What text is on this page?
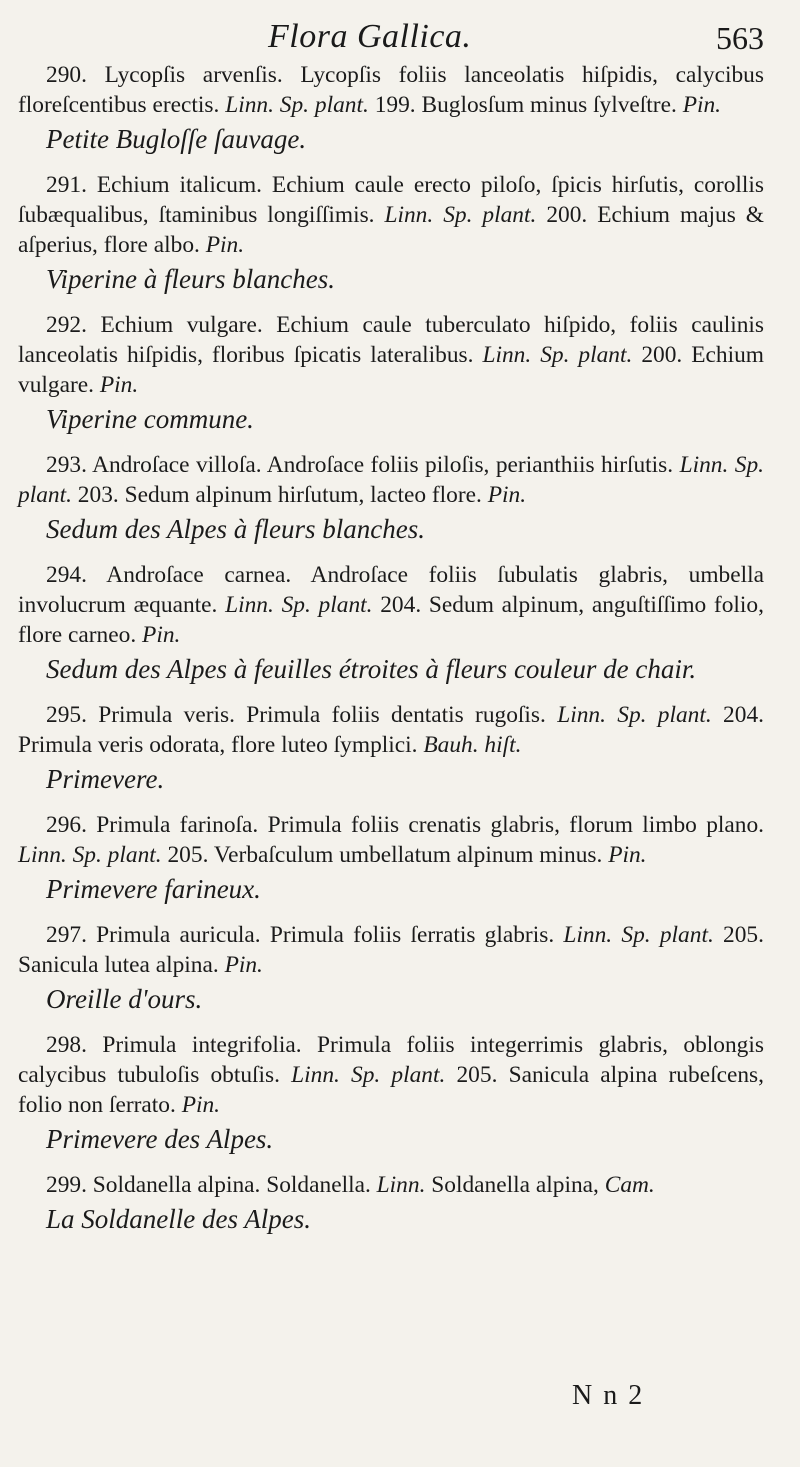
Flora Gallica.	563

290. Lycopſis arvenſis. Lycopſis foliis lanceolatis hiſpidis, calycibus floreſcentibus erectis. Linn. Sp. plant. 199. Buglosſum minus ſylveſtre. Pin.

Petite Bugloſſe ſauvage.

291. Echium italicum. Echium caule erecto piloſo, ſpicis hirſutis, corollis ſubæqualibus, ſtaminibus longiſſimis. Linn. Sp. plant. 200. Echium majus & aſperius, flore albo. Pin.

Viperine à fleurs blanches.

292. Echium vulgare. Echium caule tuberculato hiſpido, foliis caulinis lanceolatis hiſpidis, floribus ſpicatis lateralibus. Linn. Sp. plant. 200. Echium vulgare. Pin.

Viperine commune.

293. Androſace villoſa. Androſace foliis piloſis, perianthiis hirſutis. Linn. Sp. plant. 203. Sedum alpinum hirſutum, lacteo flore. Pin.

Sedum des Alpes à fleurs blanches.

294. Androſace carnea. Androſace foliis ſubulatis glabris, umbella involucrum æquante. Linn. Sp. plant. 204. Sedum alpinum, anguſtiſſimo folio, flore carneo. Pin.

Sedum des Alpes à feuilles étroites à fleurs couleur de chair.

295. Primula veris. Primula foliis dentatis rugoſis. Linn. Sp. plant. 204. Primula veris odorata, flore luteo ſymplici. Bauh. hiſt.

Primevere.

296. Primula farinoſa. Primula foliis crenatis glabris, florum limbo plano. Linn. Sp. plant. 205. Verbaſculum umbellatum alpinum minus. Pin.

Primevere farineux.

297. Primula auricula. Primula foliis ſerratis glabris. Linn. Sp. plant. 205. Sanicula lutea alpina. Pin.

Oreille d'ours.

298. Primula integrifolia. Primula foliis integerrimis glabris, oblongis calycibus tubuloſis obtuſis. Linn. Sp. plant. 205. Sanicula alpina rubeſcens, folio non ſerrato. Pin.

Primevere des Alpes.

299. Soldanella alpina. Soldanella. Linn. Soldanella alpina, Cam.

La Soldanelle des Alpes.

N n 2
